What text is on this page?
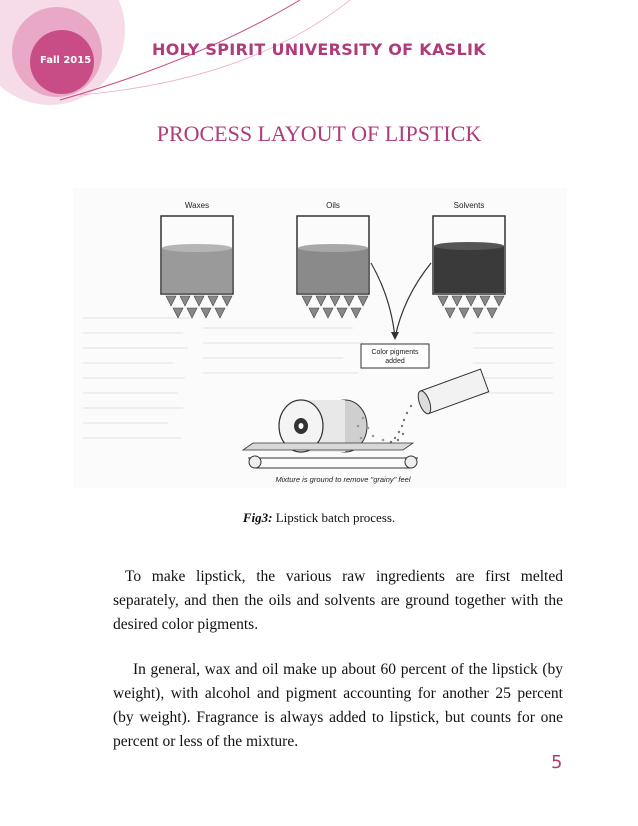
Fall 2015
HOLY SPIRIT UNIVERSITY OF KASLIK
PROCESS LAYOUT OF LIPSTICK
Waxes	Oils	Solvents
Color pigments
added
Mixture is ground to remove "grainy" feel
Fig3: Lipstick batch process.

To make lipstick, the various raw ingredients are first melted separately, and then the oils and solvents are ground together with the desired color pigments.

In general, wax and oil make up about 60 percent of the lipstick (by weight), with alcohol and pigment accounting for another 25 percent (by weight). Fragrance is always added to lipstick, but counts for one percent or less of the mixture.

5
